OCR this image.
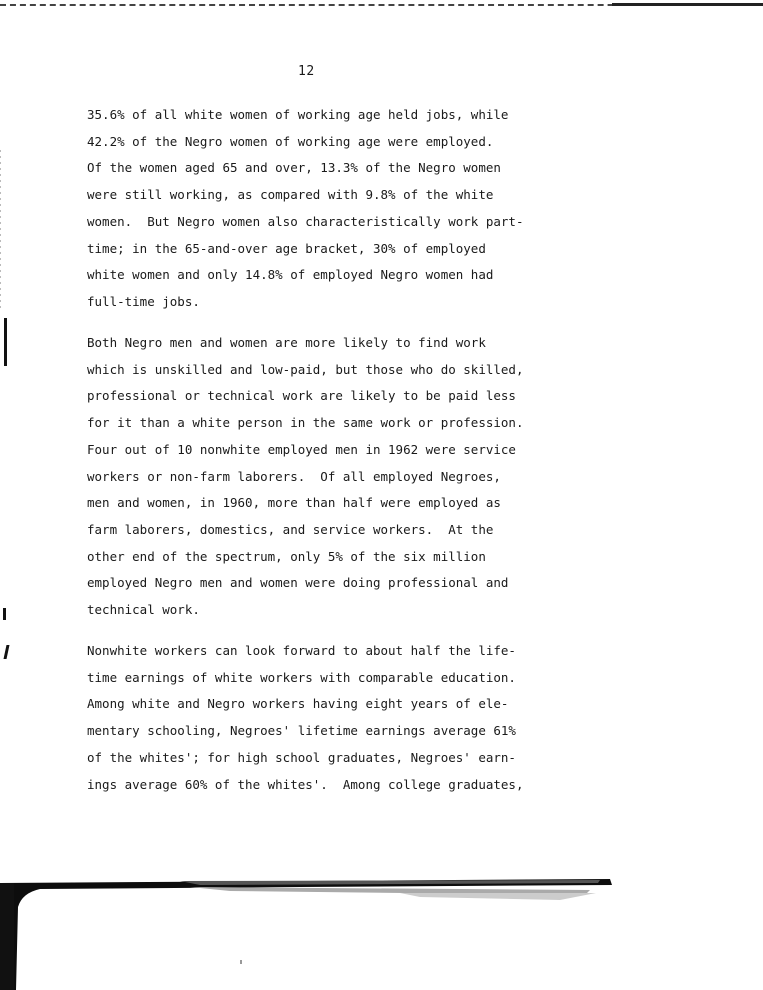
12

35.6% of all white women of working age held jobs, while
42.2% of the Negro women of working age were employed.
Of the women aged 65 and over, 13.3% of the Negro women
were still working, as compared with 9.8% of the white
women.  But Negro women also characteristically work part-
time; in the 65-and-over age bracket, 30% of employed
white women and only 14.8% of employed Negro women had
full-time jobs.

Both Negro men and women are more likely to find work
which is unskilled and low-paid, but those who do skilled,
professional or technical work are likely to be paid less
for it than a white person in the same work or profession.
Four out of 10 nonwhite employed men in 1962 were service
workers or non-farm laborers.  Of all employed Negroes,
men and women, in 1960, more than half were employed as
farm laborers, domestics, and service workers.  At the
other end of the spectrum, only 5% of the six million
employed Negro men and women were doing professional and
technical work.

Nonwhite workers can look forward to about half the life-
time earnings of white workers with comparable education.
Among white and Negro workers having eight years of ele-
mentary schooling, Negroes' lifetime earnings average 61%
of the whites'; for high school graduates, Negroes' earn-
ings average 60% of the whites'.  Among college graduates,
